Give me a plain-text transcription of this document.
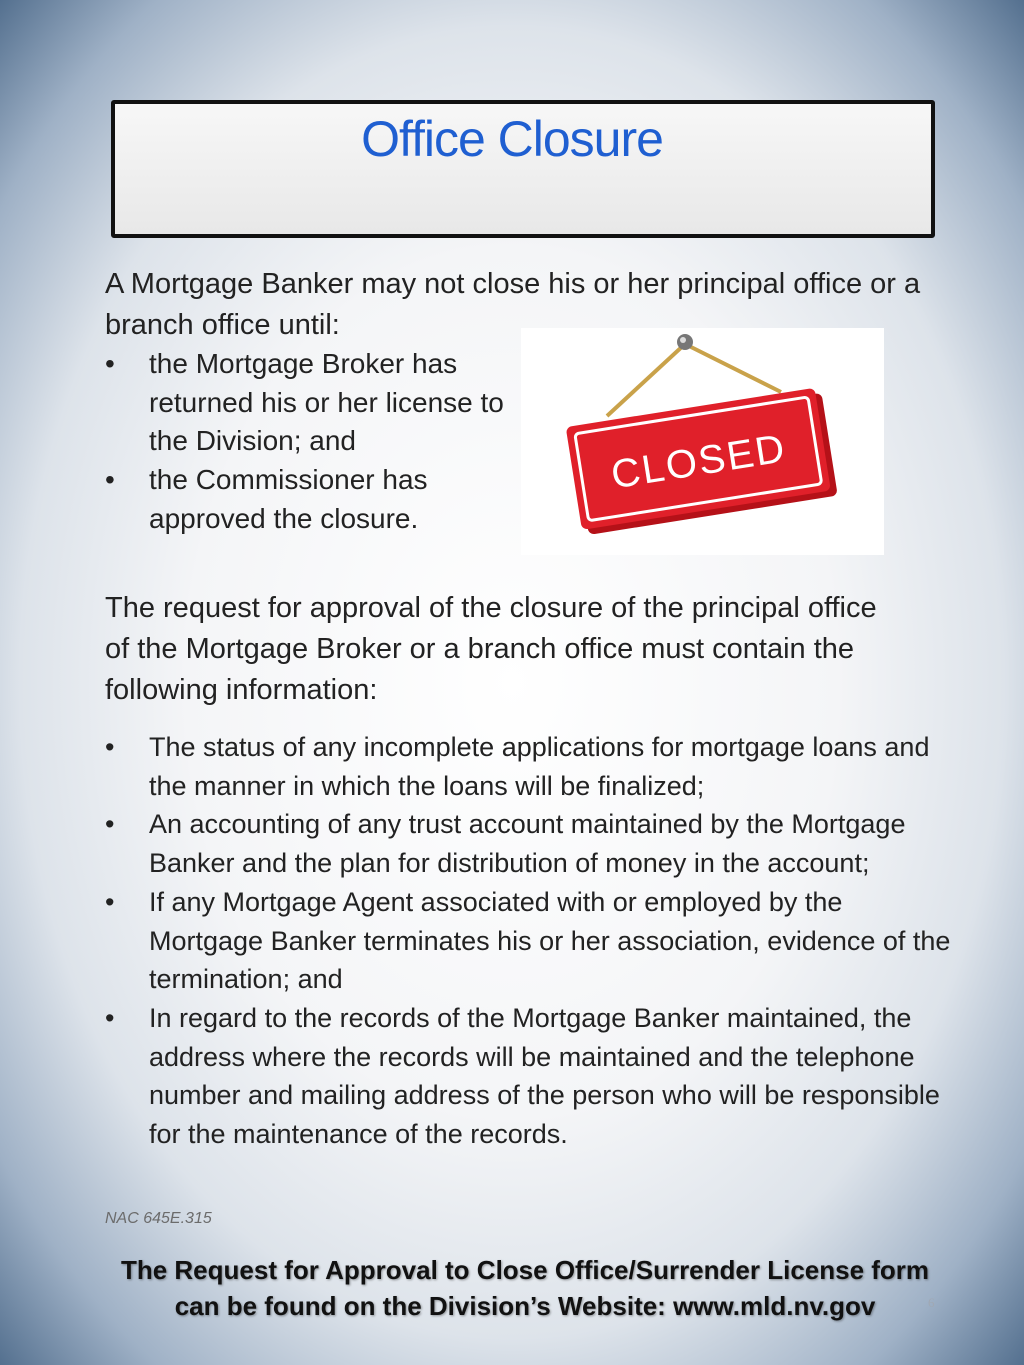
Office Closure

A Mortgage Banker may not close his or her principal office or a branch office until:

• the Mortgage Broker has returned his or her license to the Division; and
• the Commissioner has approved the closure.
CLOSED

The request for approval of the closure of the principal office of the Mortgage Broker or a branch office must contain the following information:

• The status of any incomplete applications for mortgage loans and the manner in which the loans will be finalized;
• An accounting of any trust account maintained by the Mortgage Banker and the plan for distribution of money in the account;
• If any Mortgage Agent associated with or employed by the Mortgage Banker terminates his or her association, evidence of the termination; and
• In regard to the records of the Mortgage Banker maintained, the address where the records will be maintained and the telephone number and mailing address of the person who will be responsible for the maintenance of the records.
NAC 645E.315
The Request for Approval to Close Office/Surrender License form
can be found on the Division’s Website: www.mld.nv.gov	6
